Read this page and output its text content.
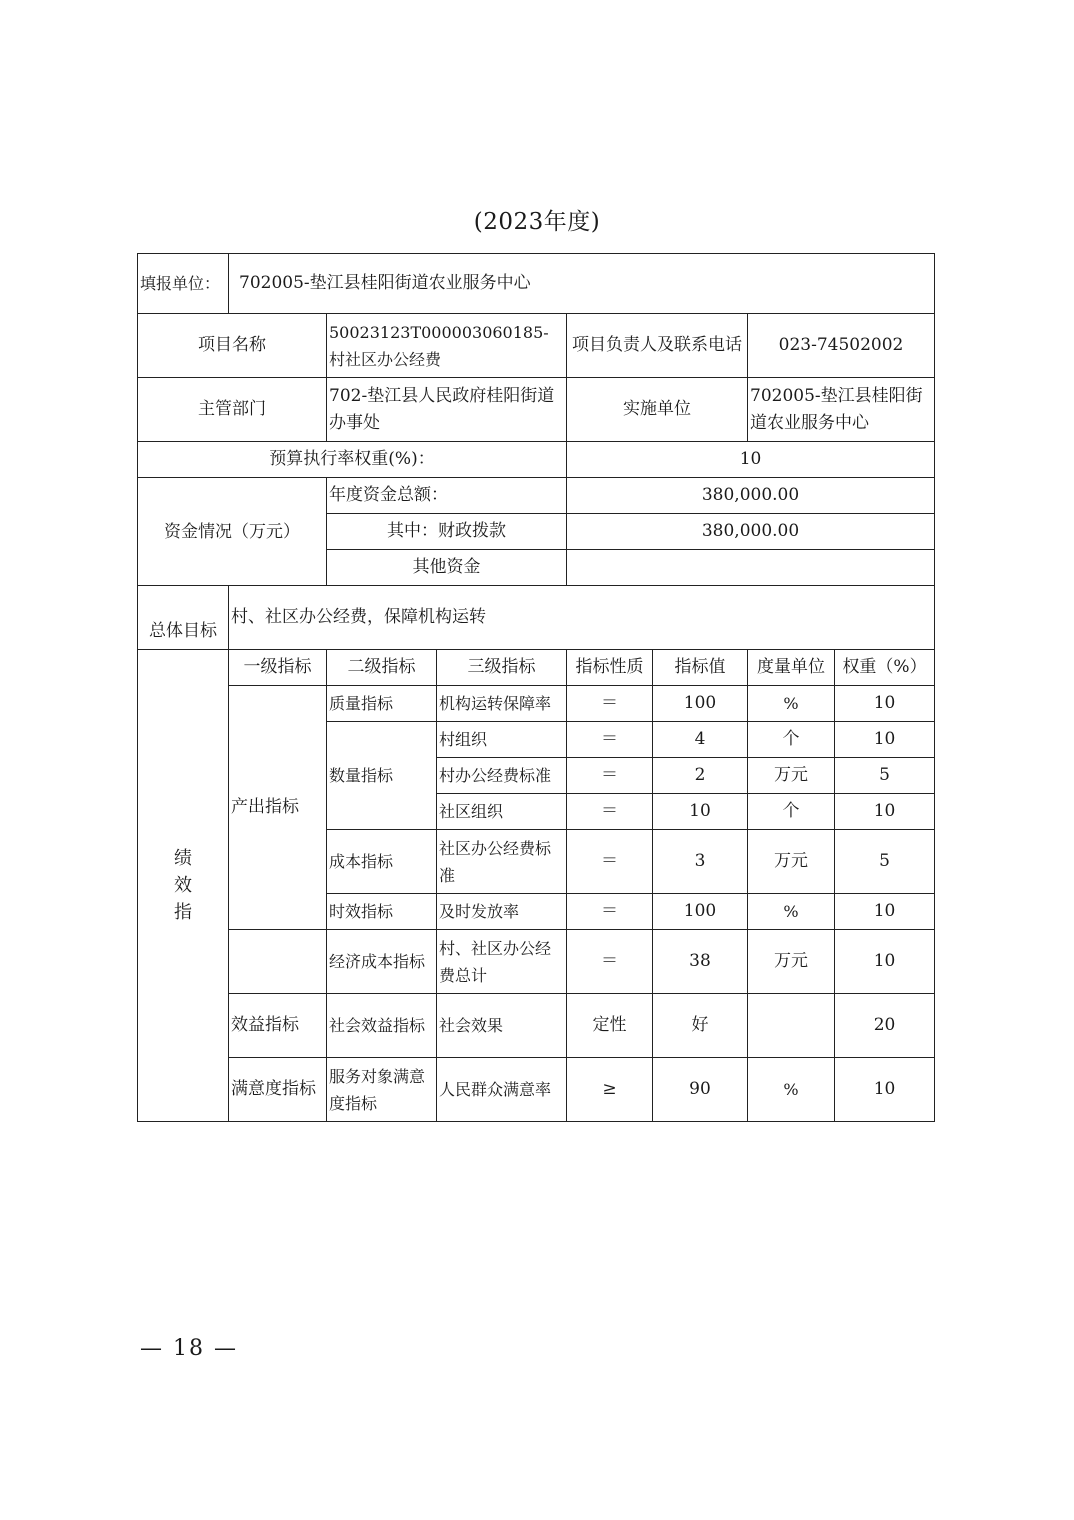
(2023年度)
填报单位：	702005-垫江县桂阳街道农业服务中心						
项目名称		50023123T000003060185-村社区办公经费		项目负责人及联系电话		023-74502002	
主管部门		702-垫江县人民政府桂阳街道办事处		实施单位		702005-垫江县桂阳街道农业服务中心	
预算执行率权重(%)：				10			
资金情况（万元）		年度资金总额：		380,000.00			
		其中：财政拨款		380,000.00			
		其他资金					
总体目标	村、社区办公经费，保障机构运转						
绩效指	一级指标	二级指标	三级指标	指标性质	指标值	度量单位	权重（%）
	产出指标	质量指标	机构运转保障率	＝	100	%	10
		数量指标	村组织	＝	4	个	10
			村办公经费标准	＝	2	万元	5
			社区组织	＝	10	个	10
		成本指标	社区办公经费标准	＝	3	万元	5
		时效指标	及时发放率	＝	100	%	10
		经济成本指标	村、社区办公经费总计	＝	38	万元	10
	效益指标	社会效益指标	社会效果	定性	好		20
	满意度指标	服务对象满意度指标	人民群众满意率	≥	90	%	10
— 18 —
